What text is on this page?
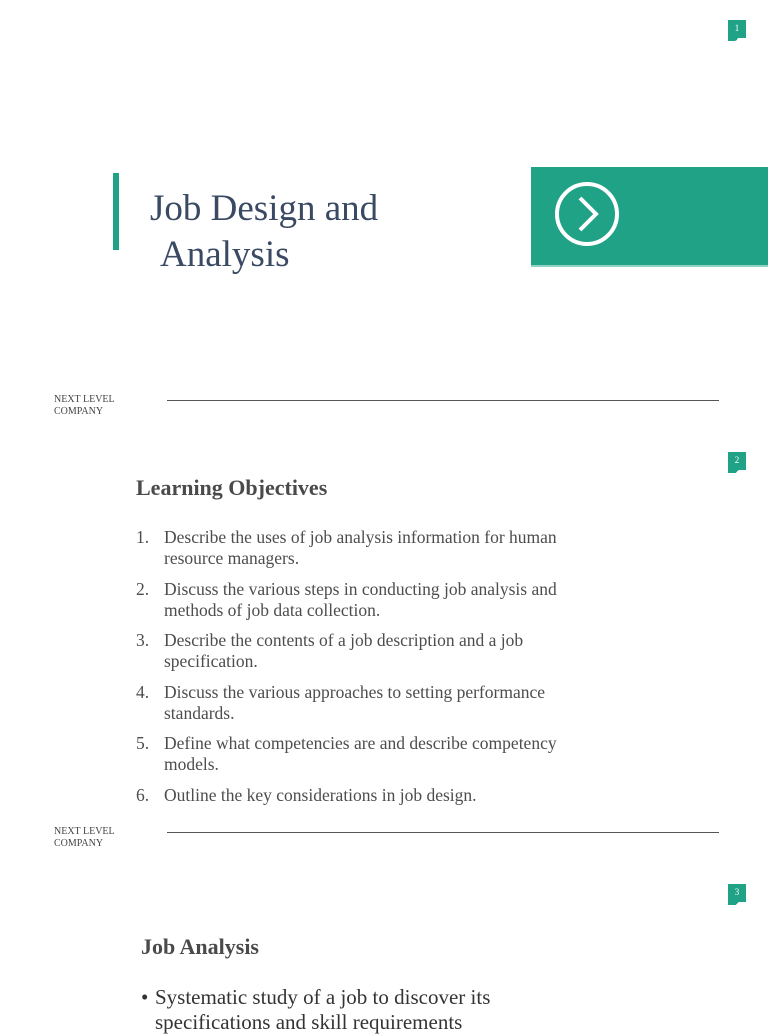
1
Job Design and
Analysis
NEXT LEVEL
COMPANY
2
Learning Objectives
1. Describe the uses of job analysis information for human
resource managers.
2. Discuss the various steps in conducting job analysis and
methods of job data collection.
3. Describe the contents of a job description and a job
specification.
4. Discuss the various approaches to setting performance
standards.
5. Define what competencies are and describe competency
models.
6. Outline the key considerations in job design.
NEXT LEVEL
COMPANY
3
Job Analysis
• Systematic study of a job to discover its
specifications and skill requirements
